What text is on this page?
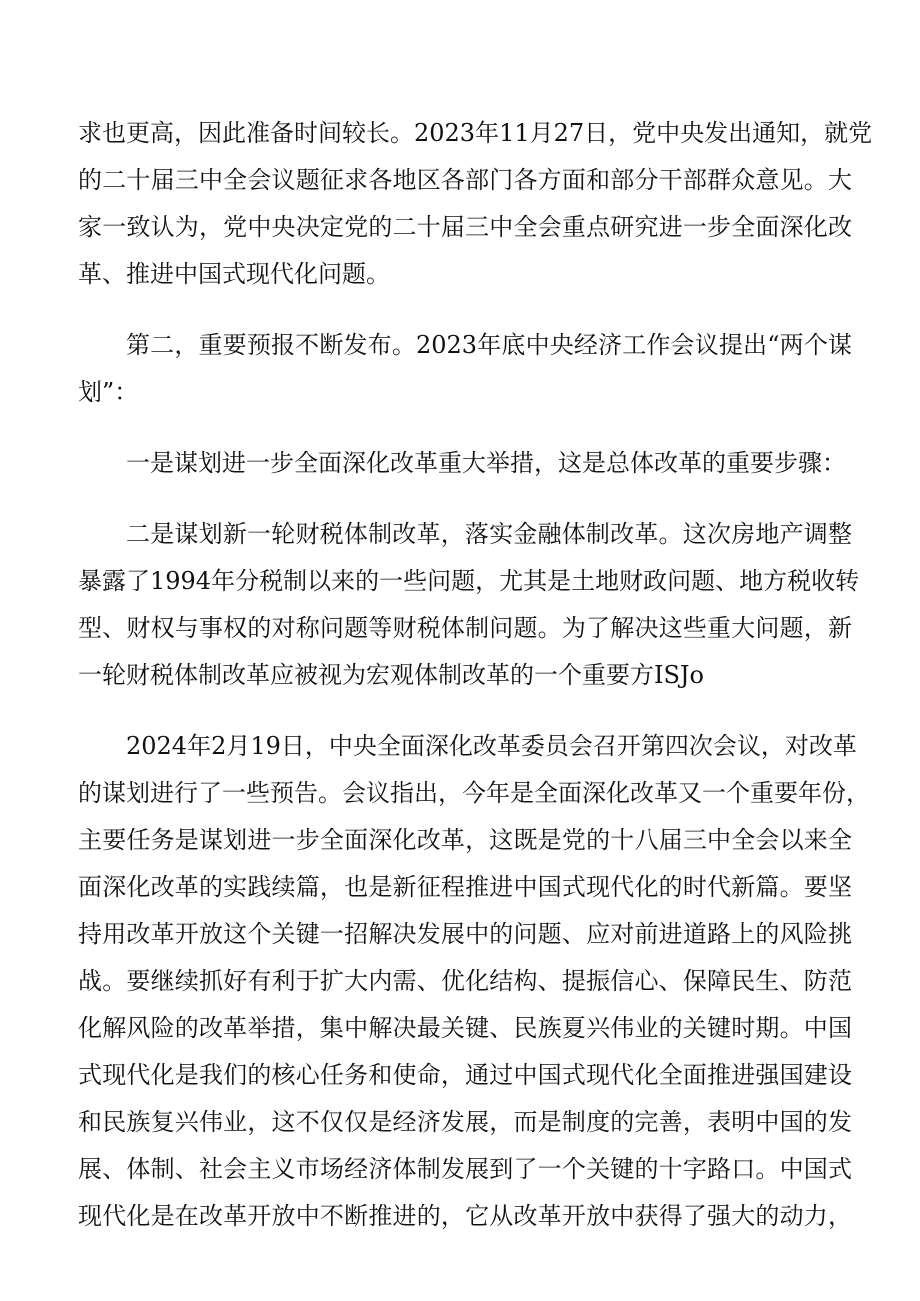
求也更高，因此准备时间较长。2023年11月27日，党中央发出通知，就党
的二十届三中全会议题征求各地区各部门各方面和部分干部群众意见。大
家一致认为，党中央决定党的二十届三中全会重点研究进一步全面深化改
革、推进中国式现代化问题。
第二，重要预报不断发布。2023年底中央经济工作会议提出“两个谋
划”：
一是谋划进一步全面深化改革重大举措，这是总体改革的重要步骤：
二是谋划新一轮财税体制改革，落实金融体制改革。这次房地产调整
暴露了1994年分税制以来的一些问题，尤其是土地财政问题、地方税收转
型、财权与事权的对称问题等财税体制问题。为了解决这些重大问题，新
一轮财税体制改革应被视为宏观体制改革的一个重要方ISJo
2024年2月19日，中央全面深化改革委员会召开第四次会议，对改革
的谋划进行了一些预告。会议指出，今年是全面深化改革又一个重要年份，
主要任务是谋划进一步全面深化改革，这既是党的十八届三中全会以来全
面深化改革的实践续篇，也是新征程推进中国式现代化的时代新篇。要坚
持用改革开放这个关键一招解决发展中的问题、应对前进道路上的风险挑
战。要继续抓好有利于扩大内需、优化结构、提振信心、保障民生、防范
化解风险的改革举措，集中解决最关键、民族夏兴伟业的关键时期。中国
式现代化是我们的核心任务和使命，通过中国式现代化全面推进强国建设
和民族复兴伟业，这不仅仅是经济发展，而是制度的完善，表明中国的发
展、体制、社会主义市场经济体制发展到了一个关键的十字路口。中国式
现代化是在改革开放中不断推进的，它从改革开放中获得了强大的动力，
